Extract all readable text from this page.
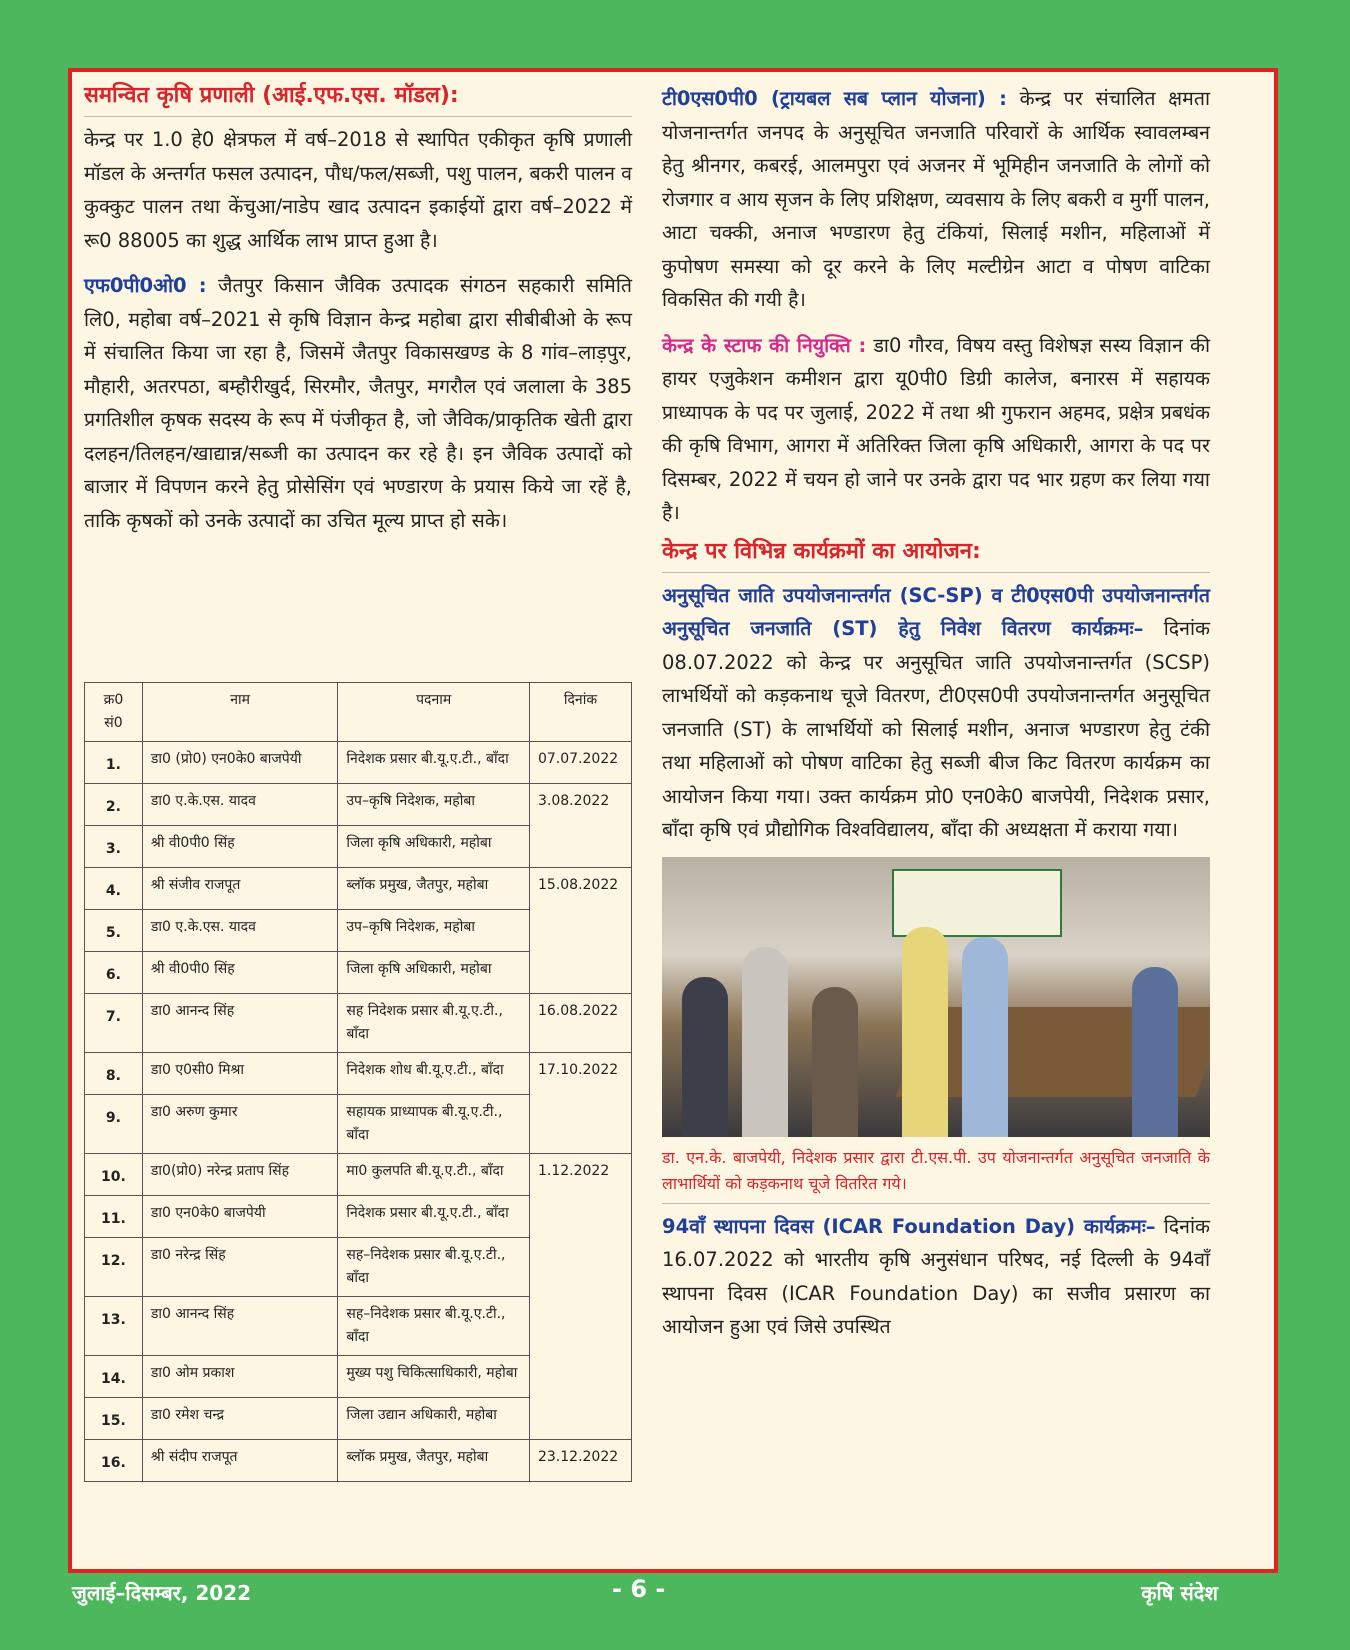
समन्वित कृषि प्रणाली (आई.एफ.एस. मॉडल):

केन्द्र पर 1.0 हे0 क्षेत्रफल में वर्ष–2018 से स्थापित एकीकृत कृषि प्रणाली मॉडल के अन्तर्गत फसल उत्पादन, पौध/फल/सब्जी, पशु पालन, बकरी पालन व कुक्कुट पालन तथा केंचुआ/नाडेप खाद उत्पादन इकाईयों द्वारा वर्ष–2022 में रू0 88005 का शुद्ध आर्थिक लाभ प्राप्त हुआ है।

एफ0पी0ओ0 : जैतपुर किसान जैविक उत्पादक संगठन सहकारी समिति लि0, महोबा वर्ष–2021 से कृषि विज्ञान केन्द्र महोबा द्वारा सीबीबीओ के रूप में संचालित किया जा रहा है, जिसमें जैतपुर विकासखण्ड के 8 गांव–लाड़पुर, मौहारी, अतरपठा, बम्हौरीखुर्द, सिरमौर, जैतपुर, मगरौल एवं जलाला के 385 प्रगतिशील कृषक सदस्य के रूप में पंजीकृत है, जो जैविक/प्राकृतिक खेती द्वारा दलहन/तिलहन/खाद्यान्न/सब्जी का उत्पादन कर रहे है। इन जैविक उत्पादों को बाजार में विपणन करने हेतु प्रोसेसिंग एवं भण्डारण के प्रयास किये जा रहें है, ताकि कृषकों को उनके उत्पादों का उचित मूल्य प्राप्त हो सके।

क्र0 सं0	नाम	पदनाम	दिनांक
1.	डा0 (प्रो0) एन0के0 बाजपेयी	निदेशक प्रसार बी.यू.ए.टी., बाँदा	07.07.2022
2.	डा0 ए.के.एस. यादव	उप–कृषि निदेशक, महोबा	3.08.2022
3.	श्री वी0पी0 सिंह	जिला कृषि अधिकारी, महोबा	
4.	श्री संजीव राजपूत	ब्लॉक प्रमुख, जैतपुर, महोबा	15.08.2022
5.	डा0 ए.के.एस. यादव	उप–कृषि निदेशक, महोबा	
6.	श्री वी0पी0 सिंह	जिला कृषि अधिकारी, महोबा	
7.	डा0 आनन्द सिंह	सह निदेशक प्रसार बी.यू.ए.टी., बाँदा	16.08.2022
8.	डा0 ए0सी0 मिश्रा	निदेशक शोध बी.यू.ए.टी., बाँदा	17.10.2022
9.	डा0 अरुण कुमार	सहायक प्राध्यापक बी.यू.ए.टी., बाँदा	
10.	डा0(प्रो0) नरेन्द्र प्रताप सिंह	मा0 कुलपति बी.यू.ए.टी., बाँदा	1.12.2022
11.	डा0 एन0के0 बाजपेयी	निदेशक प्रसार बी.यू.ए.टी., बाँदा	
12.	डा0 नरेन्द्र सिंह	सह–निदेशक प्रसार बी.यू.ए.टी., बाँदा	
13.	डा0 आनन्द सिंह	सह–निदेशक प्रसार बी.यू.ए.टी., बाँदा	
14.	डा0 ओम प्रकाश	मुख्य पशु चिकित्साधिकारी, महोबा	
15.	डा0 रमेश चन्द्र	जिला उद्यान अधिकारी, महोबा	
16.	श्री संदीप राजपूत	ब्लॉक प्रमुख, जैतपुर, महोबा	23.12.2022

टी0एस0पी0 (ट्रायबल सब प्लान योजना) : केन्द्र पर संचालित क्षमता योजनान्तर्गत जनपद के अनुसूचित जनजाति परिवारों के आर्थिक स्वावलम्बन हेतु श्रीनगर, कबरई, आलमपुरा एवं अजनर में भूमिहीन जनजाति के लोगों को रोजगार व आय सृजन के लिए प्रशिक्षण, व्यवसाय के लिए बकरी व मुर्गी पालन, आटा चक्की, अनाज भण्डारण हेतु टंकियां, सिलाई मशीन, महिलाओं में कुपोषण समस्या को दूर करने के लिए मल्टीग्रेन आटा व पोषण वाटिका विकसित की गयी है।

केन्द्र के स्टाफ की नियुक्ति : डा0 गौरव, विषय वस्तु विशेषज्ञ सस्य विज्ञान की हायर एजुकेशन कमीशन द्वारा यू0पी0 डिग्री कालेज, बनारस में सहायक प्राध्यापक के पद पर जुलाई, 2022 में तथा श्री गुफरान अहमद, प्रक्षेत्र प्रबधंक की कृषि विभाग, आगरा में अतिरिक्त जिला कृषि अधिकारी, आगरा के पद पर दिसम्बर, 2022 में चयन हो जाने पर उनके द्वारा पद भार ग्रहण कर लिया गया है।

केन्द्र पर विभिन्न कार्यक्रमों का आयोजन:

अनुसूचित जाति उपयोजनान्तर्गत (SC-SP) व टी0एस0पी उपयोजनान्तर्गत अनुसूचित जनजाति (ST) हेतु निवेश वितरण कार्यक्रमः– दिनांक 08.07.2022 को केन्द्र पर अनुसूचित जाति उपयोजनान्तर्गत (SCSP) लाभर्थियों को कड़कनाथ चूजे वितरण, टी0एस0पी उपयोजनान्तर्गत अनुसूचित जनजाति (ST) के लाभर्थियों को सिलाई मशीन, अनाज भण्डारण हेतु टंकी तथा महिलाओं को पोषण वाटिका हेतु सब्जी बीज किट वितरण कार्यक्रम का आयोजन किया गया। उक्त कार्यक्रम प्रो0 एन0के0 बाजपेयी, निदेशक प्रसार, बाँदा कृषि एवं प्रौद्योगिक विश्वविद्यालय, बाँदा की अध्यक्षता में कराया गया।

डा. एन.के. बाजपेयी, निदेशक प्रसार द्वारा टी.एस.पी. उप योजनान्तर्गत अनुसूचित जनजाति के लाभार्थियों को कड़कनाथ चूजे वितरित गये।

94वाँ स्थापना दिवस (ICAR Foundation Day) कार्यक्रमः– दिनांक 16.07.2022 को भारतीय कृषि अनुसंधान परिषद, नई दिल्ली के 94वाँ स्थापना दिवस (ICAR Foundation Day) का सजीव प्रसारण का आयोजन हुआ एवं जिसे उपस्थित

जुलाई–दिसम्बर, 2022	- 6 -	कृषि संदेश
